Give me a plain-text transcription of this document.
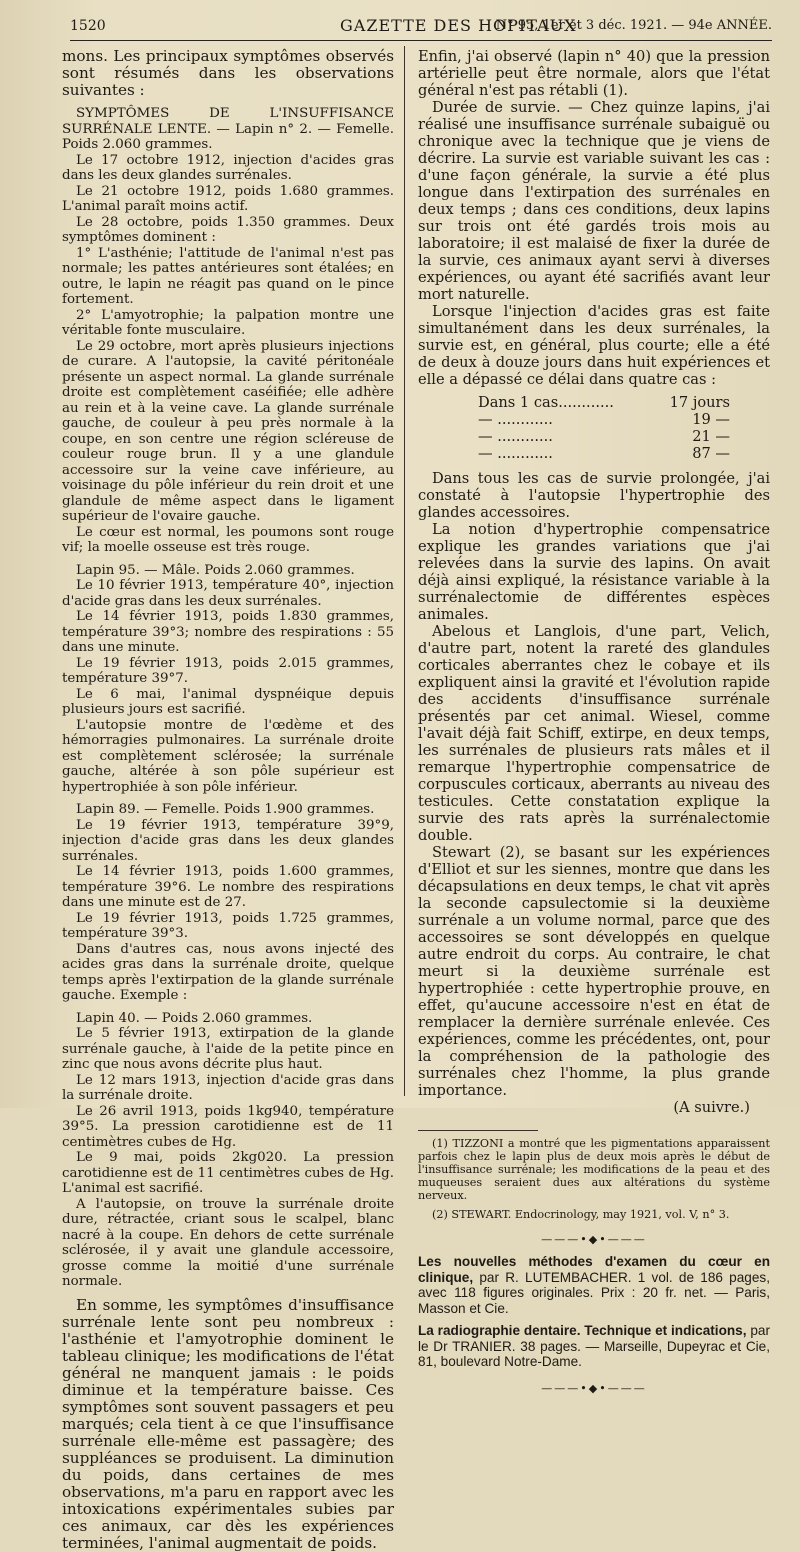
1520	GAZETTE DES HOPITAUX
N° 95, 1er et 3 déc. 1921. — 94e ANNÉE.

mons. Les principaux symptômes observés sont résumés dans les observations suivantes :

SYMPTÔMES DE L'INSUFFISANCE SURRÉNALE LENTE. — Lapin n° 2. — Femelle. Poids 2.060 grammes.

Le 17 octobre 1912, injection d'acides gras dans les deux glandes surrénales.

Le 21 octobre 1912, poids 1.680 grammes. L'animal paraît moins actif.

Le 28 octobre, poids 1.350 grammes. Deux symptômes dominent :

1° L'asthénie; l'attitude de l'animal n'est pas normale; les pattes antérieures sont étalées; en outre, le lapin ne réagit pas quand on le pince fortement.

2° L'amyotrophie; la palpation montre une véritable fonte musculaire.

Le 29 octobre, mort après plusieurs injections de curare. A l'autopsie, la cavité péritonéale présente un aspect normal. La glande surrénale droite est complètement caséifiée; elle adhère au rein et à la veine cave. La glande surrénale gauche, de couleur à peu près normale à la coupe, en son centre une région scléreuse de couleur rouge brun. Il y a une glandule accessoire sur la veine cave inférieure, au voisinage du pôle inférieur du rein droit et une glandule de même aspect dans le ligament supérieur de l'ovaire gauche.

Le cœur est normal, les poumons sont rouge vif; la moelle osseuse est très rouge.

Lapin 95. — Mâle. Poids 2.060 grammes.

Le 10 février 1913, température 40°, injection d'acide gras dans les deux surrénales.

Le 14 février 1913, poids 1.830 grammes, température 39°3; nombre des respirations : 55 dans une minute.

Le 19 février 1913, poids 2.015 grammes, température 39°7.

Le 6 mai, l'animal dyspnéique depuis plusieurs jours est sacrifié.

L'autopsie montre de l'œdème et des hémorragies pulmonaires. La surrénale droite est complètement sclérosée; la surrénale gauche, altérée à son pôle supérieur est hypertrophiée à son pôle inférieur.

Lapin 89. — Femelle. Poids 1.900 grammes.

Le 19 février 1913, température 39°9, injection d'acide gras dans les deux glandes surrénales.

Le 14 février 1913, poids 1.600 grammes, température 39°6. Le nombre des respirations dans une minute est de 27.

Le 19 février 1913, poids 1.725 grammes, température 39°3.

Dans d'autres cas, nous avons injecté des acides gras dans la surrénale droite, quelque temps après l'extirpation de la glande surrénale gauche. Exemple :

Lapin 40. — Poids 2.060 grammes.

Le 5 février 1913, extirpation de la glande surrénale gauche, à l'aide de la petite pince en zinc que nous avons décrite plus haut.

Le 12 mars 1913, injection d'acide gras dans la surrénale droite.

Le 26 avril 1913, poids 1kg940, température 39°5. La pression carotidienne est de 11 centimètres cubes de Hg.

Le 9 mai, poids 2kg020. La pression carotidienne est de 11 centimètres cubes de Hg. L'animal est sacrifié.

A l'autopsie, on trouve la surrénale droite dure, rétractée, criant sous le scalpel, blanc nacré à la coupe. En dehors de cette surrénale sclérosée, il y avait une glandule accessoire, grosse comme la moitié d'une surrénale normale.

En somme, les symptômes d'insuffisance surrénale lente sont peu nombreux : l'asthénie et l'amyotrophie dominent le tableau clinique; les modifications de l'état général ne manquent jamais : le poids diminue et la température baisse. Ces symptômes sont souvent passagers et peu marqués; cela tient à ce que l'insuffisance surrénale elle-même est passagère; des suppléances se produisent. La diminution du poids, dans certaines de mes observations, m'a paru en rapport avec les intoxications expérimentales subies par ces animaux, car dès les expériences terminées, l'animal augmentait de poids.

Enfin, j'ai observé (lapin n° 40) que la pression artérielle peut être normale, alors que l'état général n'est pas rétabli (1).

Durée de survie. — Chez quinze lapins, j'ai réalisé une insuffisance surrénale subaiguë ou chronique avec la technique que je viens de décrire. La survie est variable suivant les cas : d'une façon générale, la survie a été plus longue dans l'extirpation des surrénales en deux temps ; dans ces conditions, deux lapins sur trois ont été gardés trois mois au laboratoire; il est malaisé de fixer la durée de la survie, ces animaux ayant servi à diverses expériences, ou ayant été sacrifiés avant leur mort naturelle.

Lorsque l'injection d'acides gras est faite simultanément dans les deux surrénales, la survie est, en général, plus courte; elle a été de deux à douze jours dans huit expériences et elle a dépassé ce délai dans quatre cas :

Dans 1 cas............	17 jours
— ............	19 —
— ............	21 —
— ............	87 —

Dans tous les cas de survie prolongée, j'ai constaté à l'autopsie l'hypertrophie des glandes accessoires.

La notion d'hypertrophie compensatrice explique les grandes variations que j'ai relevées dans la survie des lapins. On avait déjà ainsi expliqué, la résistance variable à la surrénalectomie de différentes espèces animales.

Abelous et Langlois, d'une part, Velich, d'autre part, notent la rareté des glandules corticales aberrantes chez le cobaye et ils expliquent ainsi la gravité et l'évolution rapide des accidents d'insuffisance surrénale présentés par cet animal. Wiesel, comme l'avait déjà fait Schiff, extirpe, en deux temps, les surrénales de plusieurs rats mâles et il remarque l'hypertrophie compensatrice de corpuscules corticaux, aberrants au niveau des testicules. Cette constatation explique la survie des rats après la surrénalectomie double.

Stewart (2), se basant sur les expériences d'Elliot et sur les siennes, montre que dans les décapsulations en deux temps, le chat vit après la seconde capsulectomie si la deuxième surrénale a un volume normal, parce que des accessoires se sont développés en quelque autre endroit du corps. Au contraire, le chat meurt si la deuxième surrénale est hypertrophiée : cette hypertrophie prouve, en effet, qu'aucune accessoire n'est en état de remplacer la dernière surrénale enlevée. Ces expériences, comme les précédentes, ont, pour la compréhension de la pathologie des surrénales chez l'homme, la plus grande importance.

(A suivre.)

(1) TIZZONI a montré que les pigmentations apparaissent parfois chez le lapin plus de deux mois après le début de l'insuffisance surrénale; les modifications de la peau et des muqueuses seraient dues aux altérations du système nerveux.

(2) STEWART. Endocrinology, may 1921, vol. V, n° 3.

———•◆•———

Les nouvelles méthodes d'examen du cœur en clinique, par R. LUTEMBACHER. 1 vol. de 186 pages, avec 118 figures originales. Prix : 20 fr. net. — Paris, Masson et Cie.

La radiographie dentaire. Technique et indications, par le Dr TRANIER. 38 pages. — Marseille, Dupeyrac et Cie, 81, boulevard Notre-Dame.

———•◆•———
